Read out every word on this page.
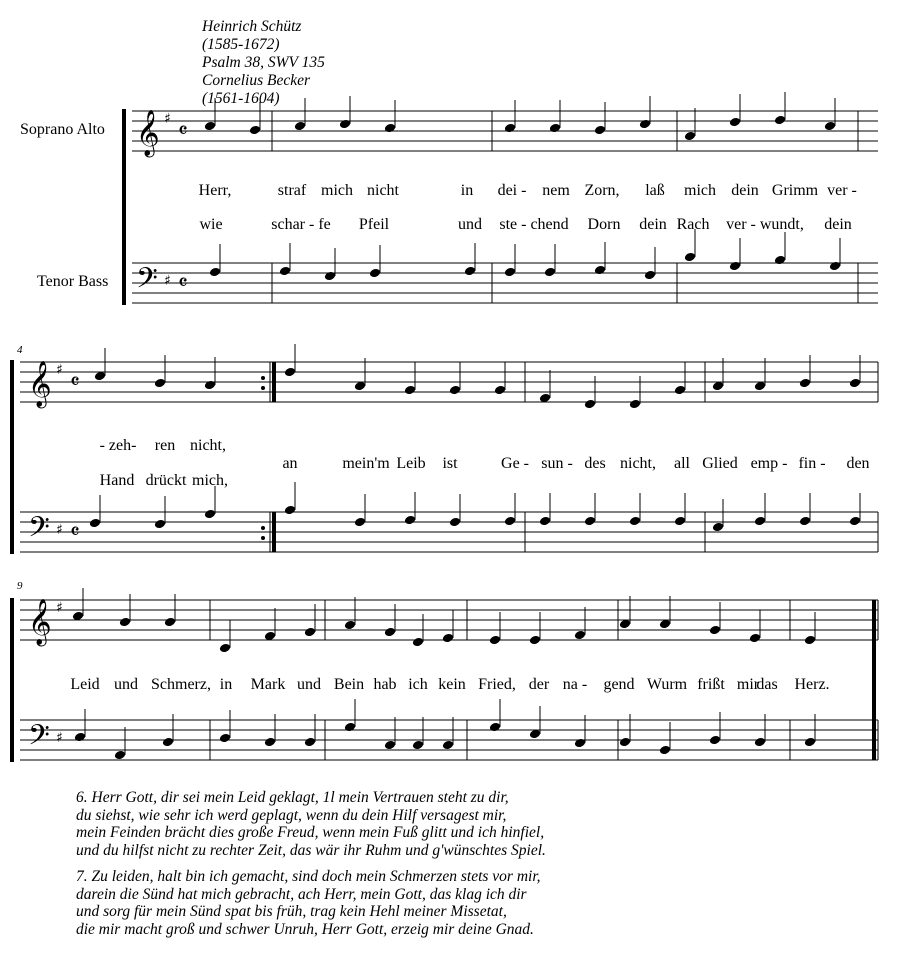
𝄞 ♯ 𝄴
𝄢 ♯ 𝄴
𝄞 ♯ 𝄴
𝄢 ♯ 𝄴
𝄞 ♯
𝄢 ♯
Heinrich Schütz
(1585-1672)
Psalm 38, SWV 135
Cornelius Becker
(1561-1604)
Soprano Alto
Tenor Bass
4
9
Herr,	straf mich nicht	in dei - nem Zorn, laß mich dein Grimm ver -
wie	schar - fe Pfeil	und ste - chend Dorn dein Rach ver - wundt, dein
- zeh- ren nicht,
Hand drückt mich,
an	mein'm Leib ist	Ge - sun - des nicht, all Glied emp - fin - den
Leid und Schmerz, in Mark und Bein hab ich kein Fried, der na - gend Wurm frißt mir
das Herz.
6. Herr Gott, dir sei mein Leid geklagt, 1l mein Vertrauen steht zu dir,
du siehst, wie sehr ich werd geplagt, wenn du dein Hilf versagest mir,
mein Feinden brächt dies große Freud, wenn mein Fuß glitt und ich hinfiel,
und du hilfst nicht zu rechter Zeit, das wär ihr Ruhm und g'wünschtes Spiel.
7. Zu leiden, halt bin ich gemacht, sind doch mein Schmerzen stets vor mir,
darein die Sünd hat mich gebracht, ach Herr, mein Gott, das klag ich dir
und sorg für mein Sünd spat bis früh, trag kein Hehl meiner Missetat,
die mir macht groß und schwer Unruh, Herr Gott, erzeig mir deine Gnad.
